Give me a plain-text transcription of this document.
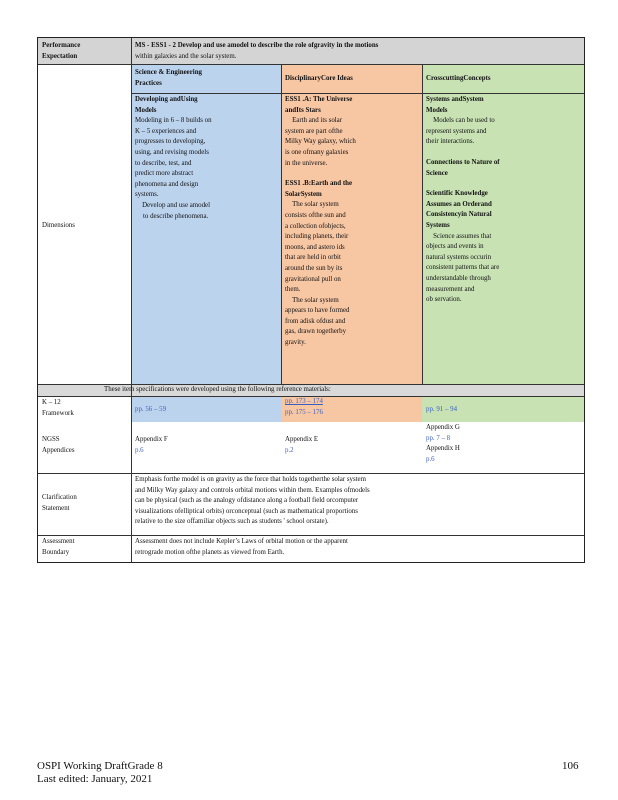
Performance
Expectation
MS - ESS1 - 2 Develop and use amodel to describe the role ofgravity in the motions
within galaxies and the solar system.
Dimensions
Science & Engineering
Practices
Developing andUsing
Models
Modeling in 6 – 8 builds on
K – 5 experiences and
progresses to developing,
using, and revising models
to describe, test, and
predict more abstract
phenomena and design
systems.
Develop and use amodel
to describe phenomena.
DisciplinaryCore Ideas
ESS1 .A: The Universe
andIts Stars
Earth and its solar
system are part ofthe
Milky Way galaxy, which
is one ofmany galaxies
in the universe.
ESS1 .B:Earth and the
SolarSystem
The solar system
consists ofthe sun and
a collection ofobjects,
including planets, their
moons, and astero ids
that are held in orbit
around the sun by its
gravitational pull on
them.
The solar system
appears to have formed
from adisk ofdust and
gas, drawn togetherby
gravity.
CrosscuttingConcepts
Systems andSystem
Models
Models can be used to
represent systems and
their interactions.
Connections to Nature of
Science
Scientific Knowledge
Assumes an Orderand
Consistencyin Natural
Systems
Science assumes that
objects and events in
natural systems occurin
consistent patterns that are
understandable through
measurement and
ob servation.
These item specifications were developed using the following reference materials:
K – 12
Framework
NGSS
Appendices
pp. 56 – 59
pp. 173 – 174
pp. 175 – 176	pp. 91 – 94
Appendix F
p.6
Appendix E
p.2
Appendix G
pp. 7 – 8
Appendix H
p.6
Clarification
Statement
Emphasis forthe model is on gravity as the force that holds togetherthe solar system
and Milky Way galaxy and controls orbital motions within them. Examples ofmodels
can be physical (such as the analogy ofdistance along a football field orcomputer
visualizations ofelliptical orbits) orconceptual (such as mathematical proportions
relative to the size offamiliar objects such as students ' school orstate).
Assessment
Boundary
Assessment does not include Kepler’s Laws of orbital motion or the apparent
retrograde motion ofthe planets as viewed from Earth.
OSPI Working DraftGrade 8
Last edited: January, 2021
106
